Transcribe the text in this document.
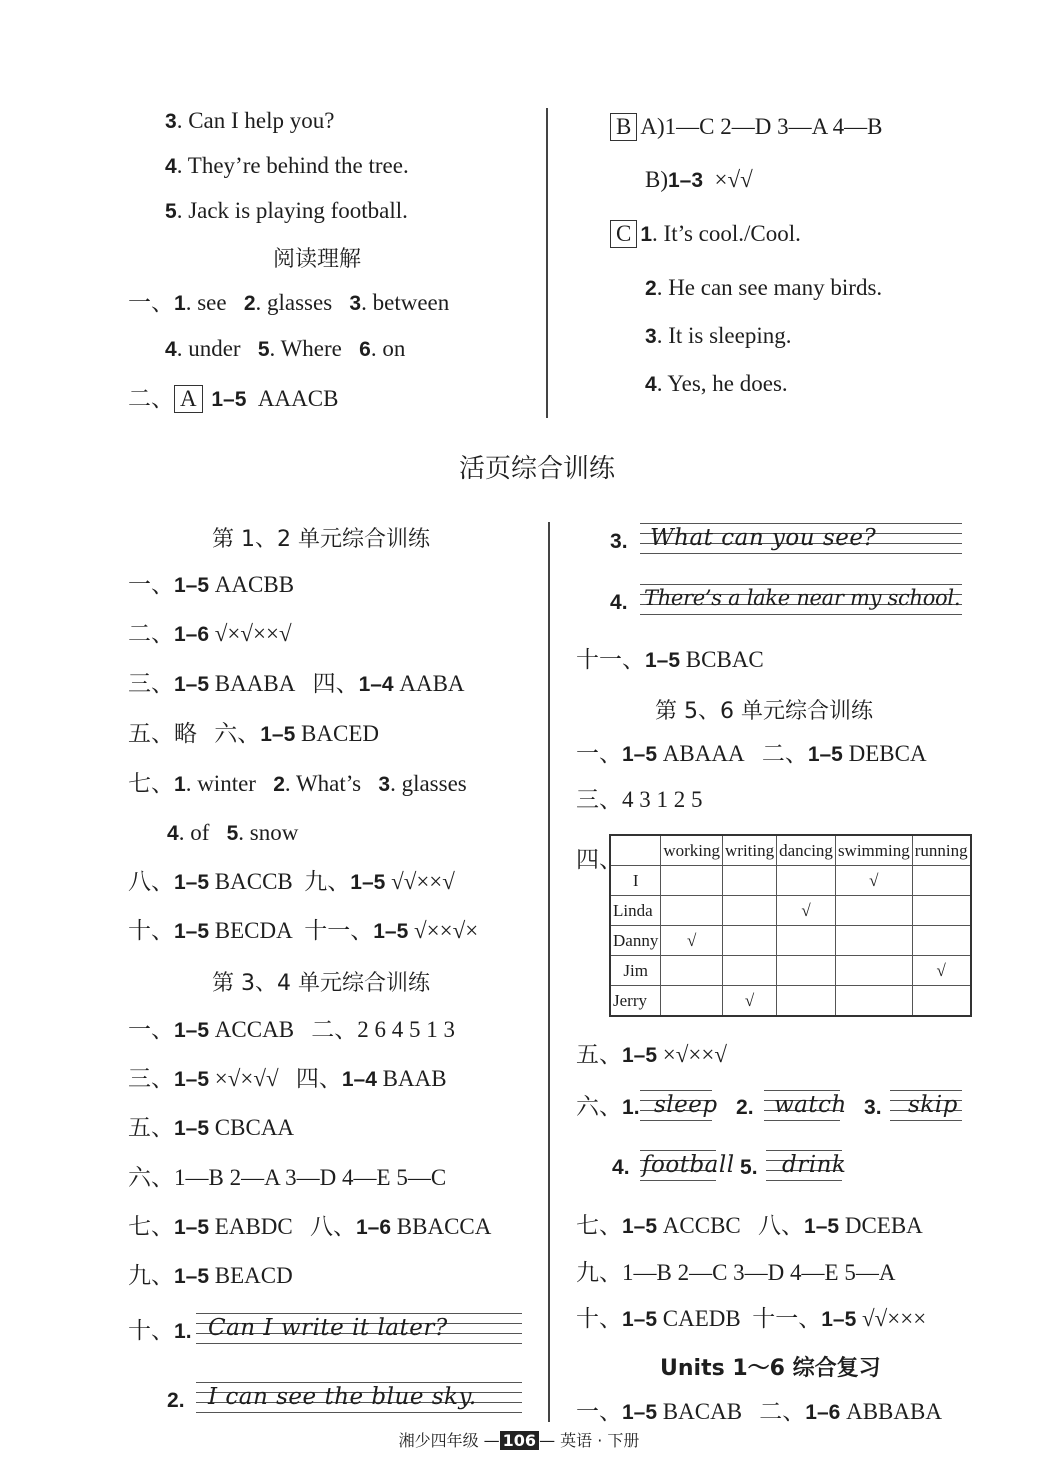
3. Can I help you?
4. They’re behind the tree.
5. Jack is playing football.
阅读理解
一、1. see 2. glasses 3. between
4. under 5. Where 6. on
二、 A 1–5 AAACB
B A)1—C 2—D 3—A 4—B
B)1–3 ×√√
C 1. It’s cool./Cool.
2. He can see many birds.
3. It is sleeping.
4. Yes, he does.
活页综合训练
第 1、2 单元综合训练
一、1–5 AACBB
二、1–6 √×√××√
三、1–5 BAABA 四、1–4 AABA
五、略 六、1–5 BACED
七、1. winter 2. What’s 3. glasses
4. of 5. snow
八、1–5 BACCB 九、1–5 √√××√
十、1–5 BECDA 十一、1–5 √××√×
第 3、4 单元综合训练
一、1–5 ACCAB 二、2 6 4 5 1 3
三、1–5 ×√×√√ 四、1–4 BAAB
五、1–5 CBCAA
六、1—B 2—A 3—D 4—E 5—C
七、1–5 EABDC 八、1–6 BBACCA
九、1–5 BEACD
十、1. Can I write it later?
2. I can see the blue sky.
3. What can you see?
4. There’s a lake near my school.
十一、1–5 BCBAC
第 5、6 单元综合训练
一、1–5 ABAAA 二、1–5 DEBCA
三、4 3 1 2 5
四、
	working	writing	dancing	swimming	running
I				√	
Linda			√		
Danny	√				
Jim					√
Jerry		√			
五、1–5 ×√××√
六、1. sleep 2. watch 3. skip
4. football 5. drink
七、1–5 ACCBC 八、1–5 DCEBA
九、1—B 2—C 3—D 4—E 5—A
十、1–5 CAEDB 十一、1–5 √√×××
Units 1～6 综合复习
一、1–5 BACAB 二、1–6 ABBABA
湘少四年级 — 106 — 英语 · 下册
